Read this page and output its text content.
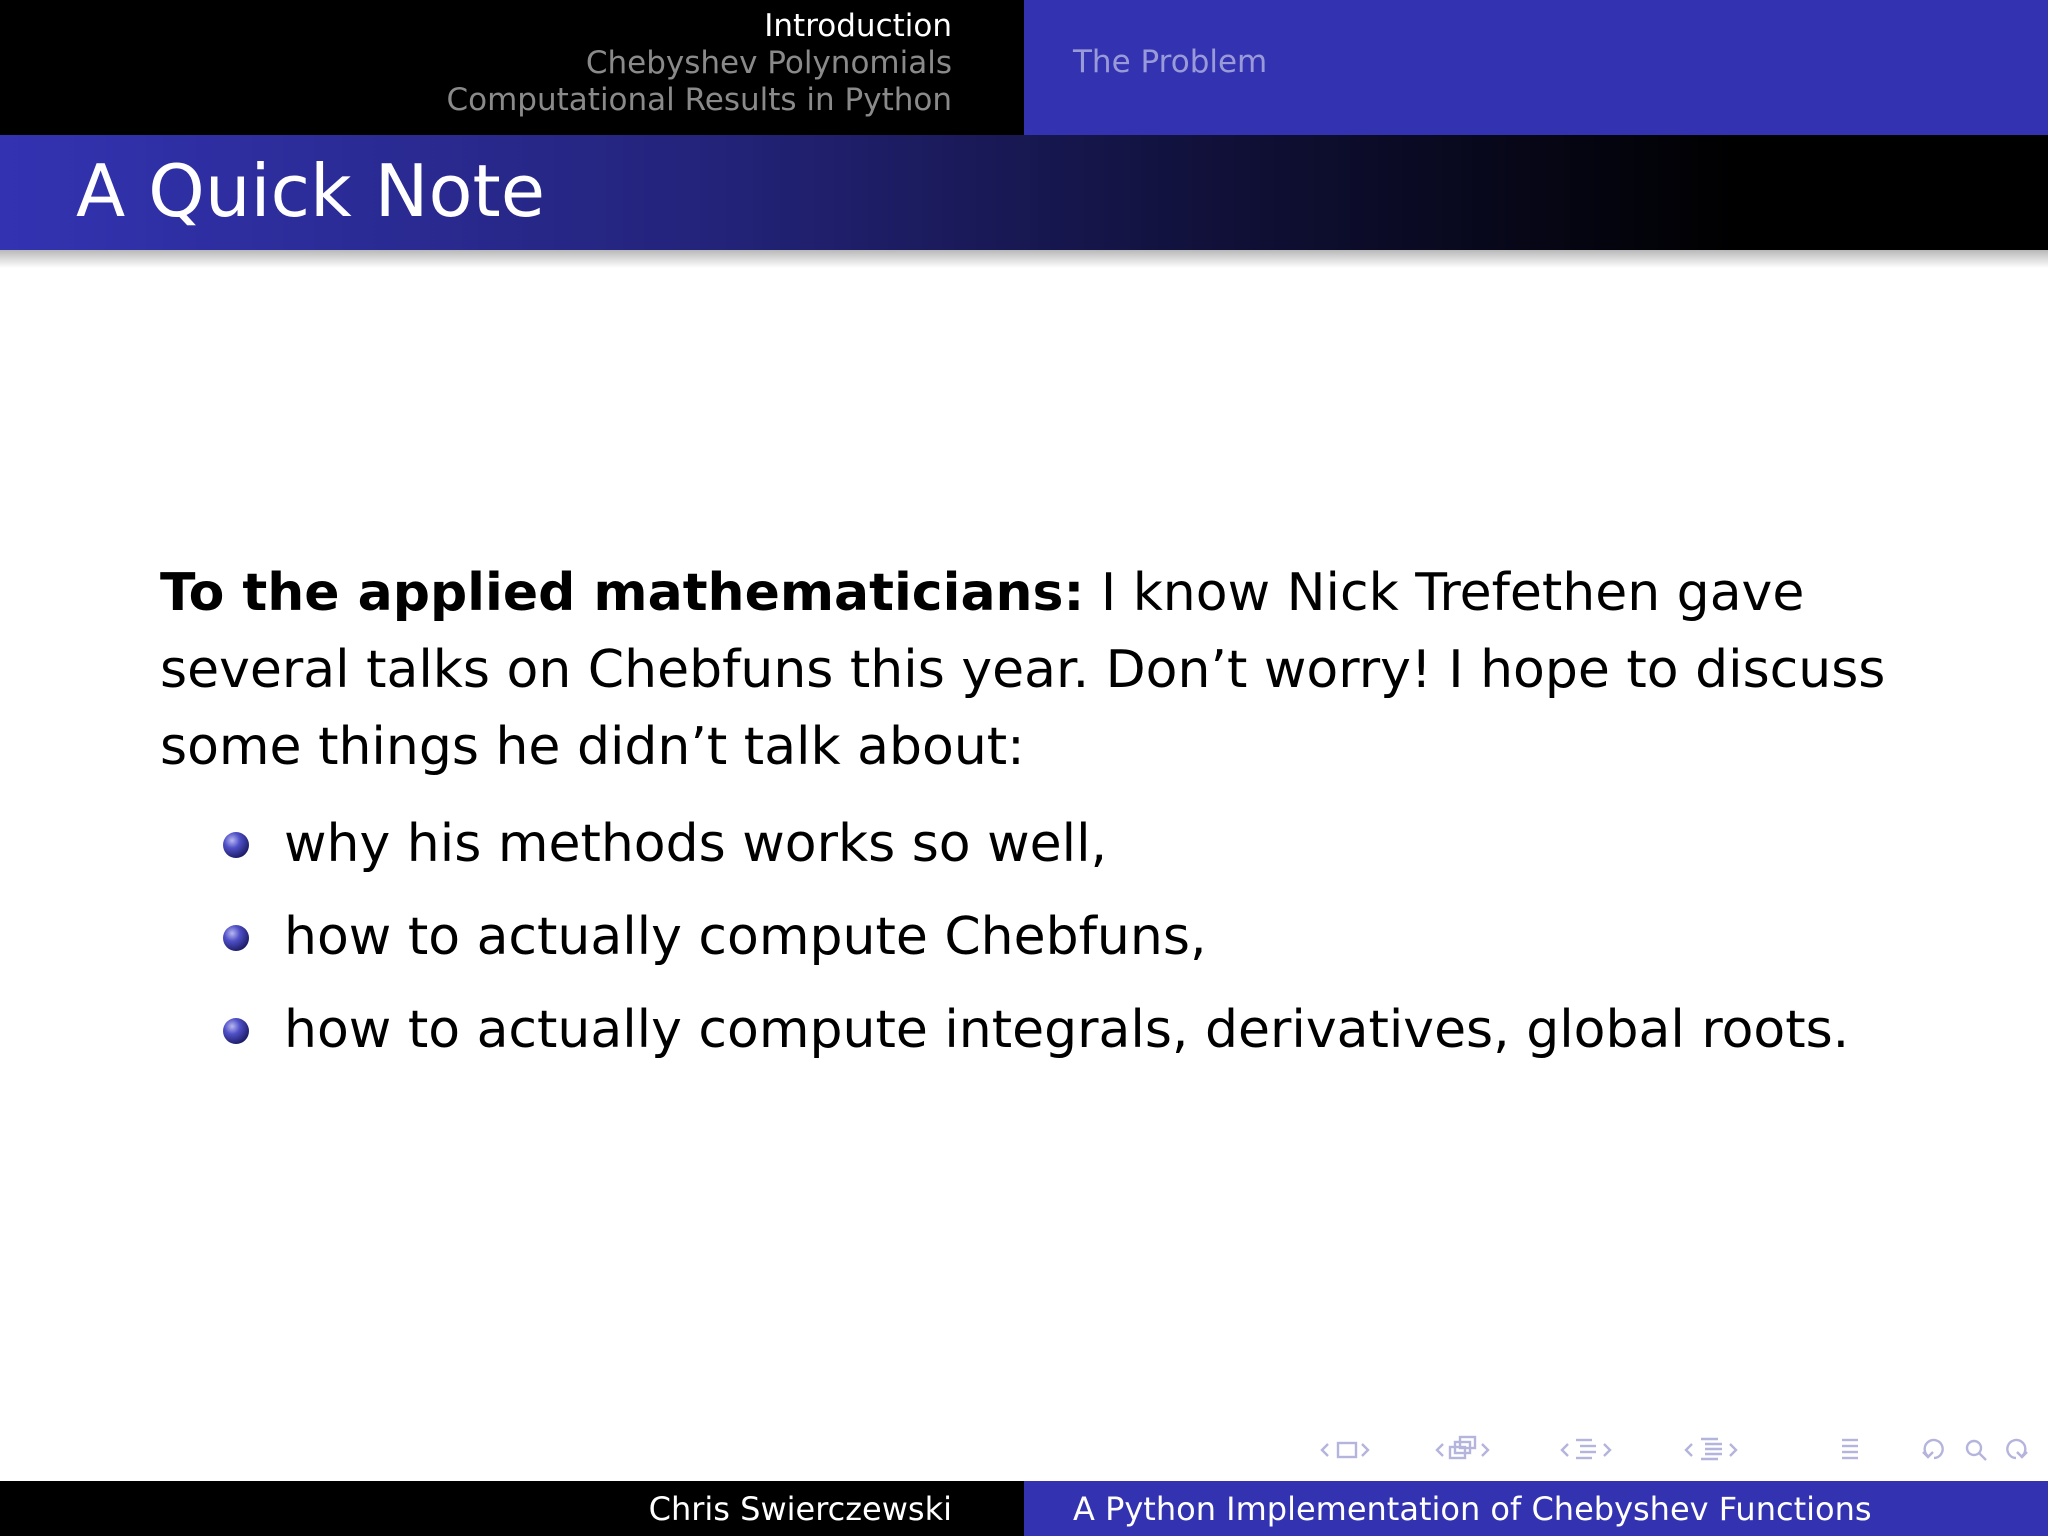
Introduction
Chebyshev Polynomials
Computational Results in Python
The Problem
A Quick Note

To the applied mathematicians: I know Nick Trefethen gave several talks on Chebfuns this year. Don’t worry! I hope to discuss some things he didn’t talk about:

why his methods works so well,
how to actually compute Chebfuns,
how to actually compute integrals, derivatives, global roots.
Chris Swierczewski	A Python Implementation of Chebyshev Functions
